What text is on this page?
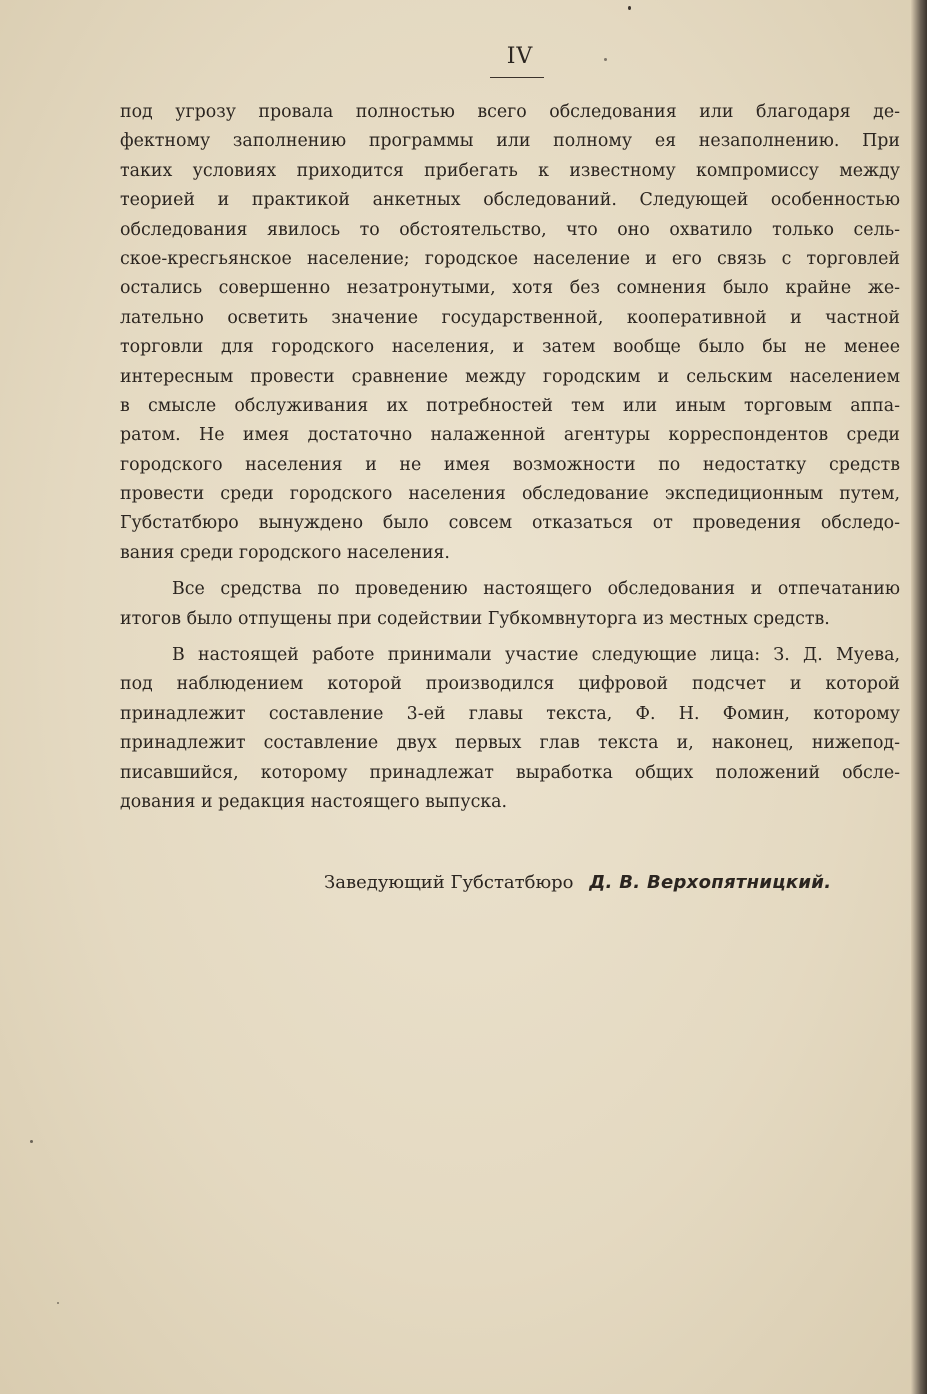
IV
под угрозу провала полностью всего обследования или благодаря де-
фектному заполнению программы или полному ея незаполнению. При
таких условиях приходится прибегать к известному компромиссу между
теорией и практикой анкетных обследований. Следующей особенностью
обследования явилось то обстоятельство, что оно охватило только сель-
ское-кресгьянское население; городское население и его связь с торговлей
остались совершенно незатронутыми, хотя без сомнения было крайне же-
лательно осветить значение государственной, кооперативной и частной
торговли для городского населения, и затем вообще было бы не менее
интересным провести сравнение между городским и сельским населением
в смысле обслуживания их потребностей тем или иным торговым аппа-
ратом. Не имея достаточно налаженной агентуры корреспондентов среди
городского населения и не имея возможности по недостатку средств
провести среди городского населения обследование экспедиционным путем,
Губстатбюро вынуждено было совсем отказаться от проведения обследо-
вания среди городского населения.
Все средства по проведению настоящего обследования и отпечатанию
итогов было отпущены при содействии Губкомвнуторга из местных средств.
В настоящей работе принимали участие следующие лица: З. Д. Муева,
под наблюдением которой производился цифровой подсчет и которой
принадлежит составление 3-ей главы текста, Ф. Н. Фомин, которому
принадлежит составление двух первых глав текста и, наконец, нижепод-
писавшийся, которому принадлежат выработка общих положений обсле-
дования и редакция настоящего выпуска.
Заведующий Губстатбюро Д. В. Верхопятницкий.
